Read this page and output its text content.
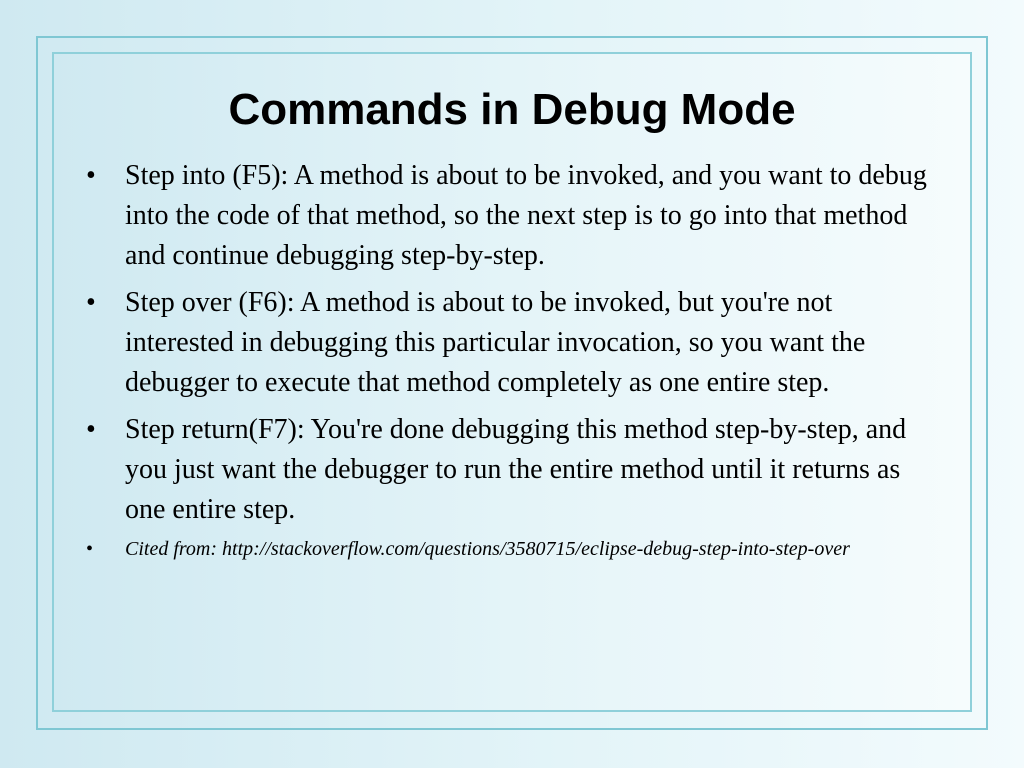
Commands in Debug Mode
• Step into (F5): A method is about to be invoked, and you want to debug into the code of that method, so the next step is to go into that method and continue debugging step-by-step.
• Step over (F6): A method is about to be invoked, but you're not interested in debugging this particular invocation, so you want the debugger to execute that method completely as one entire step.
• Step return(F7): You're done debugging this method step-by-step, and you just want the debugger to run the entire method until it returns as one entire step.
• Cited from: http://stackoverflow.com/questions/3580715/eclipse-debug-step-into-step-over
